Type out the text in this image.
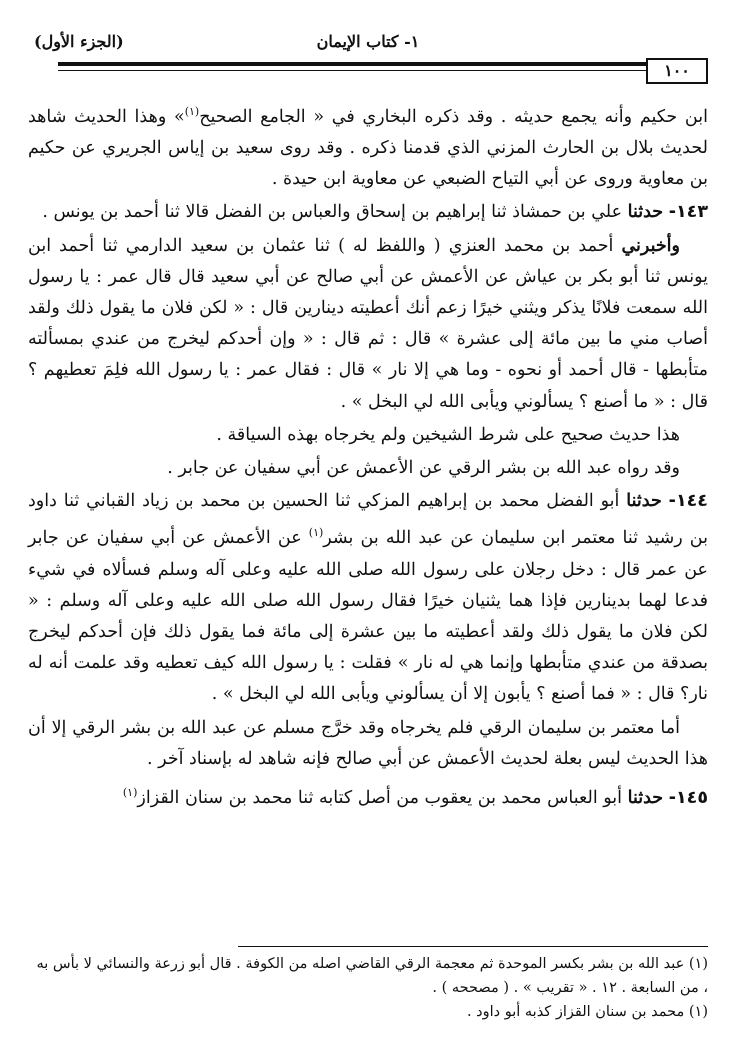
(الجزء الأول)	١- كتاب الإيمان
١٠٠

ابن حكيم وأنه يجمع حديثه . وقد ذكره البخاري في « الجامع الصحيح$^{(١)}$» وهذا الحديث شاهد لحديث بلال بن الحارث المزني الذي قدمنا ذكره . وقد روى سعيد بن إياس الجريري عن حكيم بن معاوية وروى عن أبي التياح الضبعي عن معاوية ابن حيدة .

١٤٣- حدثنا علي بن حمشاذ ثنا إبراهيم بن إسحاق والعباس بن الفضل قالا ثنا أحمد بن يونس .

وأخبرني أحمد بن محمد العنزي ( واللفظ له ) ثنا عثمان بن سعيد الدارمي ثنا أحمد ابن يونس ثنا أبو بكر بن عياش عن الأعمش عن أبي صالح عن أبي سعيد قال قال عمر : يا رسول الله سمعت فلانًا يذكر ويثني خيرًا زعم أنك أعطيته دينارين قال : « لكن فلان ما يقول ذلك ولقد أصاب مني ما بين مائة إلى عشرة » قال : ثم قال : « وإن أحدكم ليخرج من عندي بمسألته متأبطها - قال أحمد أو نحوه - وما هي إلا نار » قال : فقال عمر : يا رسول الله فلِمَ تعطيهم ؟ قال : « ما أصنع ؟ يسألوني ويأبى الله لي البخل » .

هذا حديث صحيح على شرط الشيخين ولم يخرجاه بهذه السياقة .

وقد رواه عبد الله بن بشر الرقي عن الأعمش عن أبي سفيان عن جابر .

١٤٤- حدثنا أبو الفضل محمد بن إبراهيم المزكي ثنا الحسين بن محمد بن زياد القباني ثنا داود بن رشيد ثنا معتمر ابن سليمان عن عبد الله بن بشر$^{(١)}$ عن الأعمش عن أبي سفيان عن جابر عن عمر قال : دخل رجلان على رسول الله صلى الله عليه وعلى آله وسلم فسألاه في شيء فدعا لهما بدينارين فإذا هما يثنيان خيرًا فقال رسول الله صلى الله عليه وعلى آله وسلم : « لكن فلان ما يقول ذلك ولقد أعطيته ما بين عشرة إلى مائة فما يقول ذلك فإن أحدكم ليخرج بصدقة من عندي متأبطها وإنما هي له نار » فقلت : يا رسول الله كيف تعطيه وقد علمت أنه له نار؟ قال : « فما أصنع ؟ يأبون إلا أن يسألوني ويأبى الله لي البخل » .

أما معتمر بن سليمان الرقي فلم يخرجاه وقد خرَّج مسلم عن عبد الله بن بشر الرقي إلا أن هذا الحديث ليس بعلة لحديث الأعمش عن أبي صالح فإنه شاهد له بإسناد آخر .

١٤٥- حدثنا أبو العباس محمد بن يعقوب من أصل كتابه ثنا محمد بن سنان القزاز$^{(١)}$

(١) عبد الله بن بشر بكسر الموحدة ثم معجمة الرقي القاضي اصله من الكوفة . قال أبو زرعة والنسائي لا بأس به ، من السابعة . ١٢ . « تقريب » . ( مصححه ) .

(١) محمد بن سنان القزاز كذبه أبو داود .
